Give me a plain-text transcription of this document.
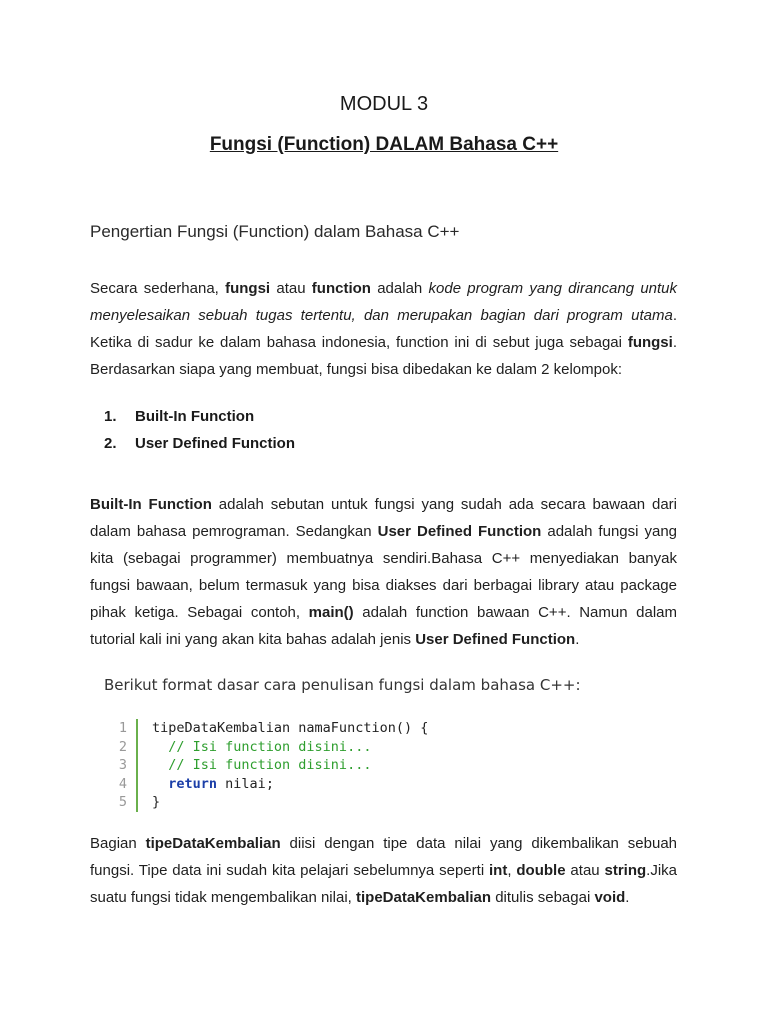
MODUL 3
Fungsi (Function) DALAM Bahasa C++
Pengertian Fungsi (Function) dalam Bahasa C++
Secara sederhana, fungsi atau function adalah kode program yang dirancang untuk menyelesaikan sebuah tugas tertentu, dan merupakan bagian dari program utama. Ketika di sadur ke dalam bahasa indonesia, function ini di sebut juga sebagai fungsi. Berdasarkan siapa yang membuat, fungsi bisa dibedakan ke dalam 2 kelompok:
1.	Built-In Function
2.	User Defined Function
Built-In Function adalah sebutan untuk fungsi yang sudah ada secara bawaan dari dalam bahasa pemrograman. Sedangkan User Defined Function adalah fungsi yang kita (sebagai programmer) membuatnya sendiri.Bahasa C++ menyediakan banyak fungsi bawaan, belum termasuk yang bisa diakses dari berbagai library atau package pihak ketiga. Sebagai contoh, main() adalah function bawaan C++. Namun dalam tutorial kali ini yang akan kita bahas adalah jenis User Defined Function.
Berikut format dasar cara penulisan fungsi dalam bahasa C++:
1	tipeDataKembalian namaFunction() {
2	// Isi function disini...
3	// Isi function disini...
4	return nilai;
5	}
Bagian tipeDataKembalian diisi dengan tipe data nilai yang dikembalikan sebuah fungsi. Tipe data ini sudah kita pelajari sebelumnya seperti int, double atau string.Jika suatu fungsi tidak mengembalikan nilai, tipeDataKembalian ditulis sebagai void.
